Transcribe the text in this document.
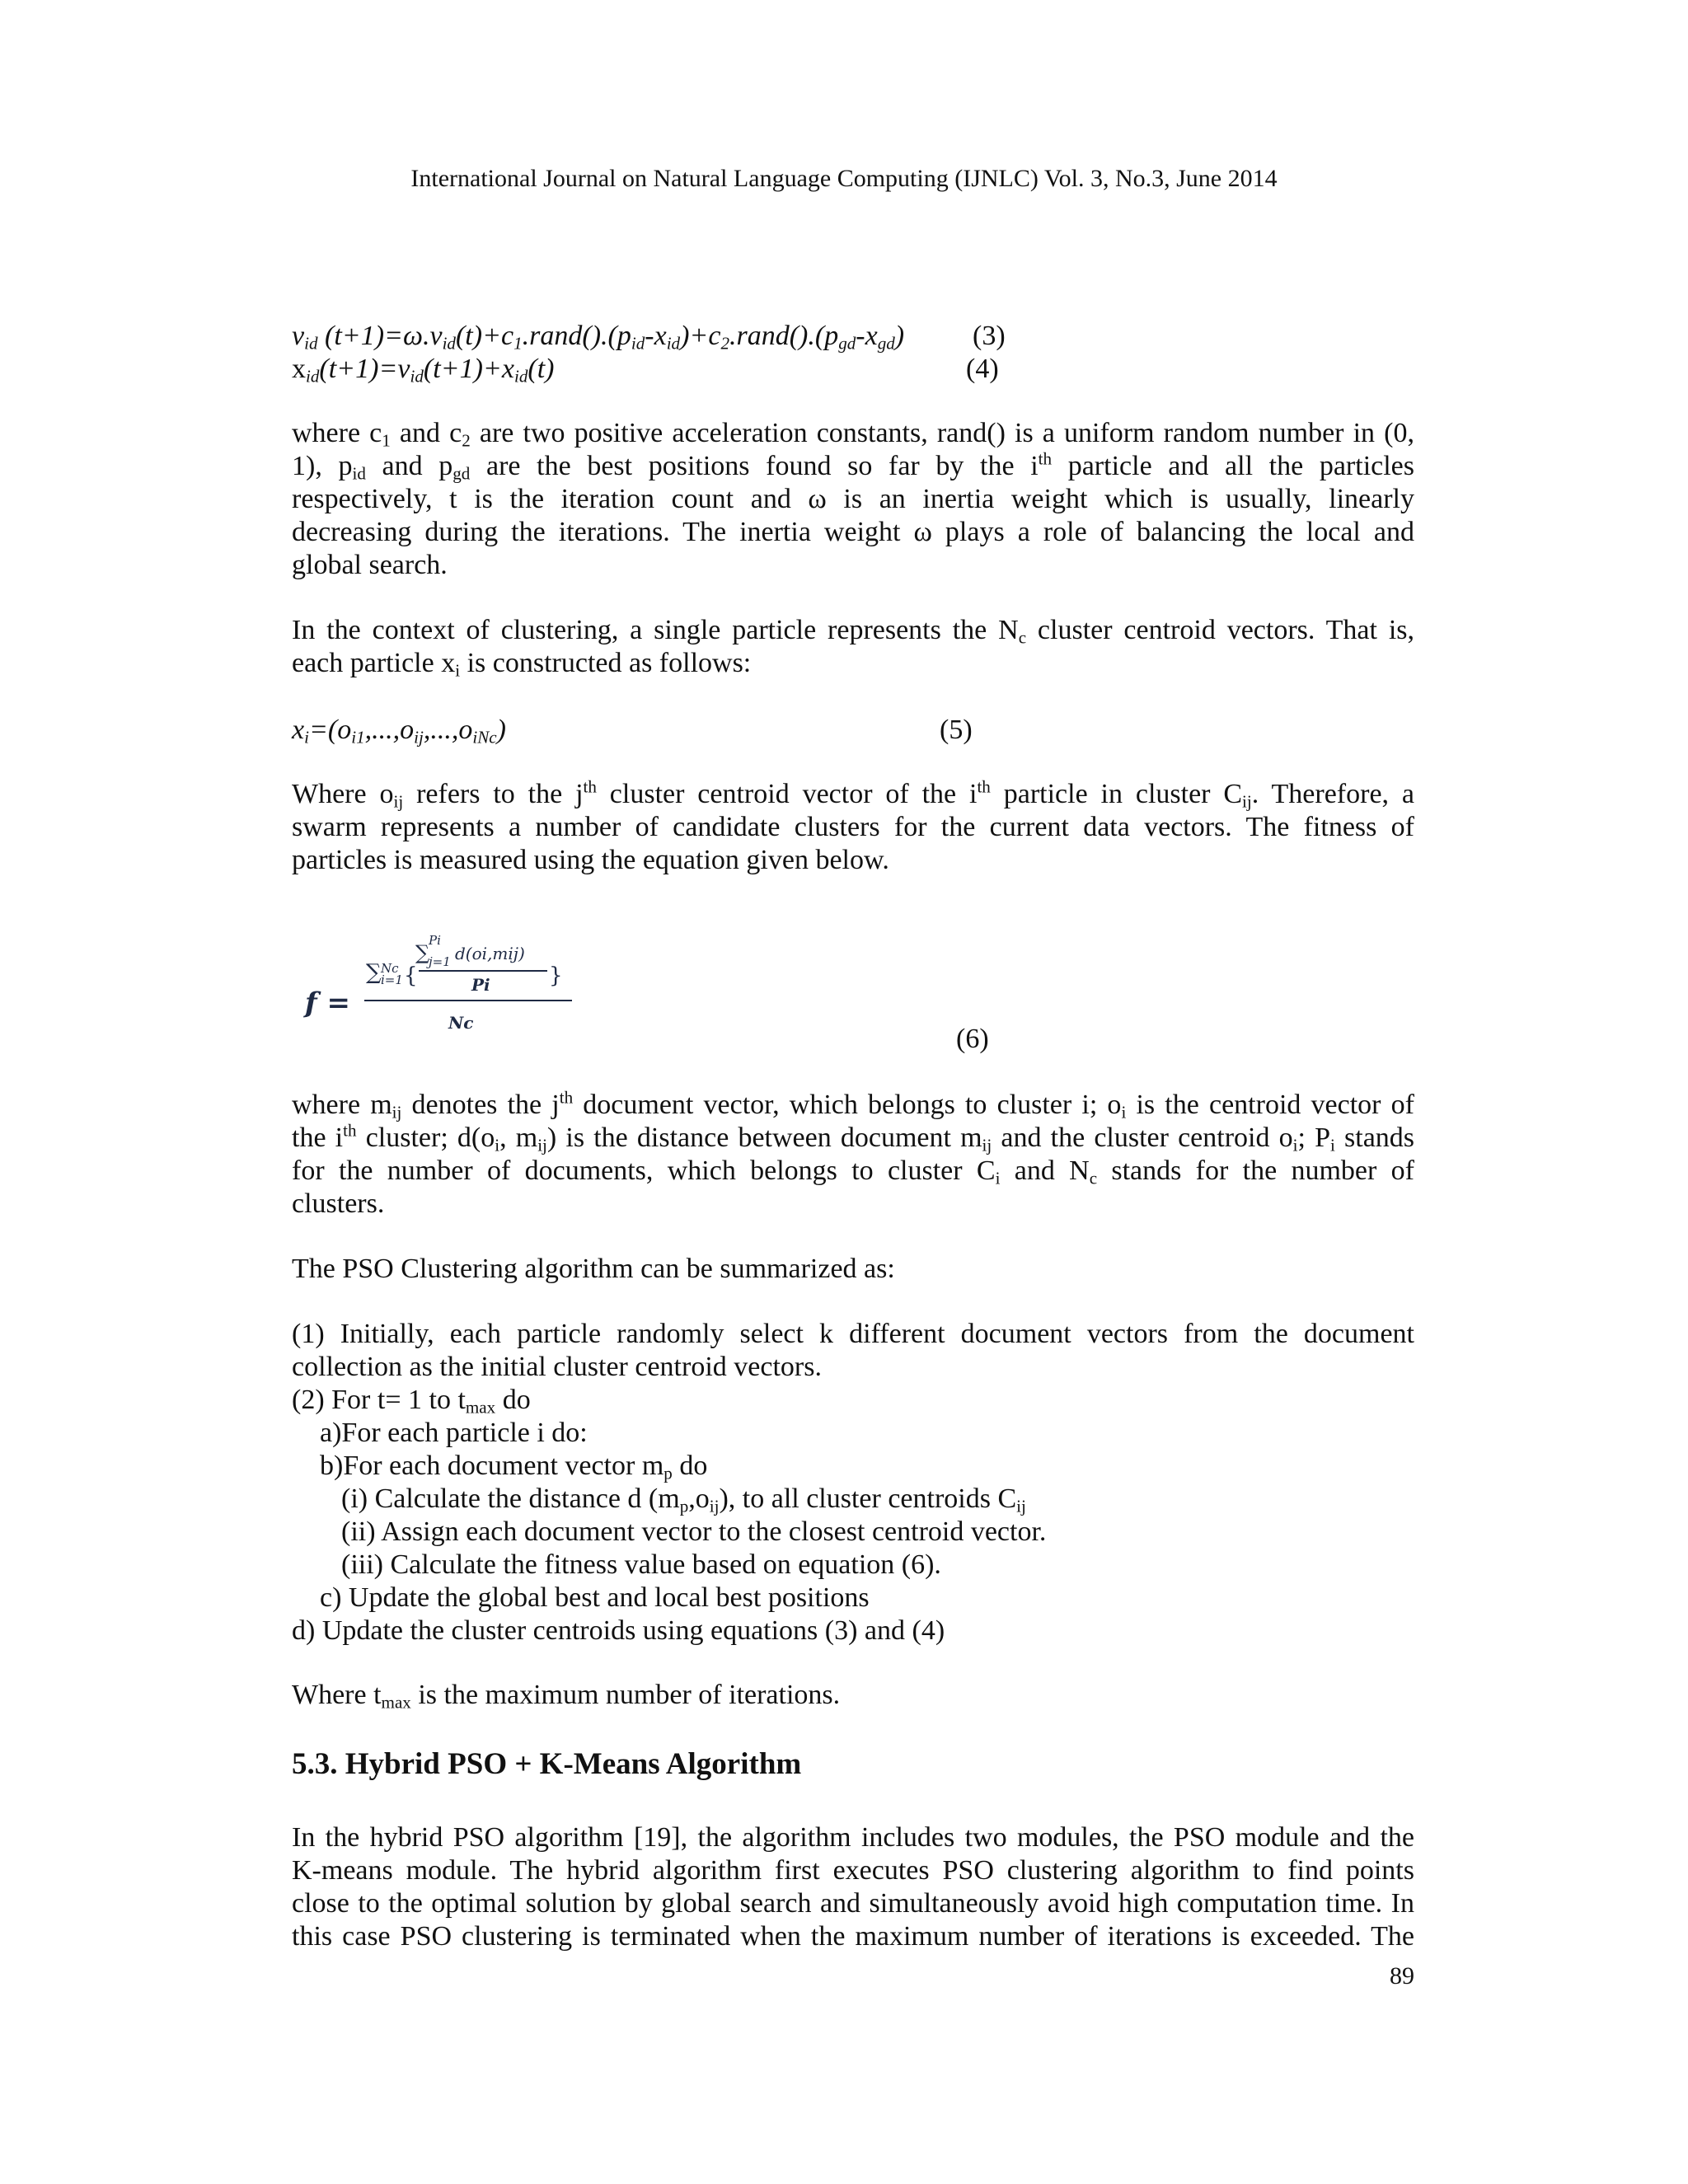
International Journal on Natural Language Computing (IJNLC) Vol. 3, No.3, June 2014
$v_{id}$ $(t+1)=\omega.v_{id}(t)+c_1.rand().(p_{id}-x_{id})+c_2.rand().(p_{gd}-x_{gd})$	(3)
$x_{id}(t+1)=v_{id}(t+1)+x_{id}(t)$	(4)
where $c_1$ and $c_2$ are two positive acceleration constants, rand() is a uniform random number in (0,
1), $p_{id}$ and $p_{gd}$ are the best positions found so far by the $i^{th}$ particle and all the particles
respectively, t is the iteration count and ω is an inertia weight which is usually, linearly
decreasing during the iterations. The inertia weight ω plays a role of balancing the local and
global search.
In the context of clustering, a single particle represents the $N_c$ cluster centroid vectors. That is,
each particle $x_i$ is constructed as follows:
$x_i=(o_{i1},...,o_{ij},...,o_{iNc})$	(5)
Where $o_{ij}$ refers to the $j^{th}$ cluster centroid vector of the $i^{th}$ particle in cluster $C_{ij}$. Therefore, a
swarm represents a number of candidate clusters for the current data vectors. The fitness of
particles is measured using the equation given below.
f =
∑ Nc
i=1 {
∑
Pi
j=1 d(oi,mij)
Pi	}
Nc
(6)
where $m_{ij}$ denotes the $j^{th}$ document vector, which belongs to cluster i; $o_i$ is the centroid vector of
the $i^{th}$ cluster; $d(o_i$, $m_{ij}$) is the distance between document $m_{ij}$ and the cluster centroid $o_i$; $P_i$ stands
for the number of documents, which belongs to cluster $C_i$ and $N_c$ stands for the number of
clusters.
The PSO Clustering algorithm can be summarized as:
(1) Initially, each particle randomly select k different document vectors from the document
collection as the initial cluster centroid vectors.
(2) For t= 1 to $t_{max}$ do
a)For each particle i do:
b)For each document vector $m_p$ do
(i) Calculate the distance d $(m_p,o_{ij})$, to all cluster centroids $C_{ij}$
(ii) Assign each document vector to the closest centroid vector.
(iii) Calculate the fitness value based on equation (6).
c) Update the global best and local best positions
d) Update the cluster centroids using equations (3) and (4)
Where $t_{max}$ is the maximum number of iterations.
5.3. Hybrid PSO + K-Means Algorithm
In the hybrid PSO algorithm [19], the algorithm includes two modules, the PSO module and the
K-means module. The hybrid algorithm first executes PSO clustering algorithm to find points
close to the optimal solution by global search and simultaneously avoid high computation time. In
this case PSO clustering is terminated when the maximum number of iterations is exceeded. The
89
